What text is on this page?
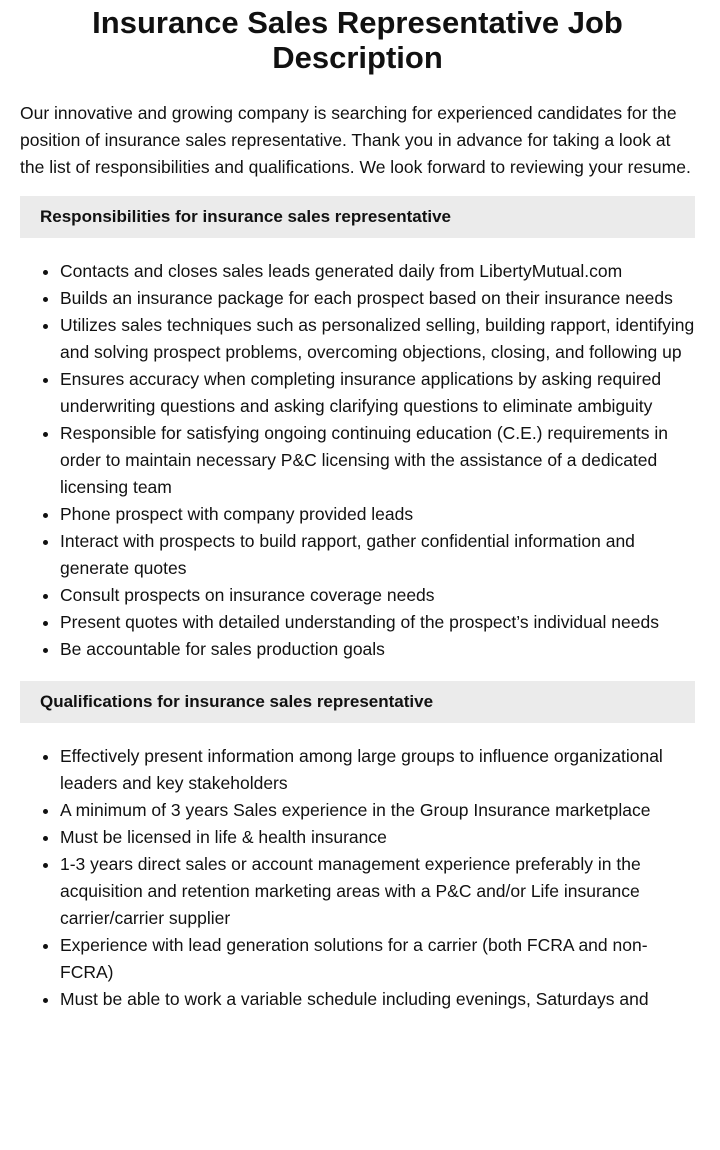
Insurance Sales Representative Job Description

Our innovative and growing company is searching for experienced candidates for the position of insurance sales representative. Thank you in advance for taking a look at the list of responsibilities and qualifications. We look forward to reviewing your resume.

Responsibilities for insurance sales representative
• Contacts and closes sales leads generated daily from LibertyMutual.com
• Builds an insurance package for each prospect based on their insurance needs
• Utilizes sales techniques such as personalized selling, building rapport, identifying and solving prospect problems, overcoming objections, closing, and following up
• Ensures accuracy when completing insurance applications by asking required underwriting questions and asking clarifying questions to eliminate ambiguity
• Responsible for satisfying ongoing continuing education (C.E.) requirements in order to maintain necessary P&C licensing with the assistance of a dedicated licensing team
• Phone prospect with company provided leads
• Interact with prospects to build rapport, gather confidential information and generate quotes
• Consult prospects on insurance coverage needs
• Present quotes with detailed understanding of the prospect’s individual needs
• Be accountable for sales production goals
Qualifications for insurance sales representative
• Effectively present information among large groups to influence organizational leaders and key stakeholders
• A minimum of 3 years Sales experience in the Group Insurance marketplace
• Must be licensed in life & health insurance
• 1-3 years direct sales or account management experience preferably in the acquisition and retention marketing areas with a P&C and/or Life insurance carrier/carrier supplier
• Experience with lead generation solutions for a carrier (both FCRA and non-FCRA)
• Must be able to work a variable schedule including evenings, Saturdays and
